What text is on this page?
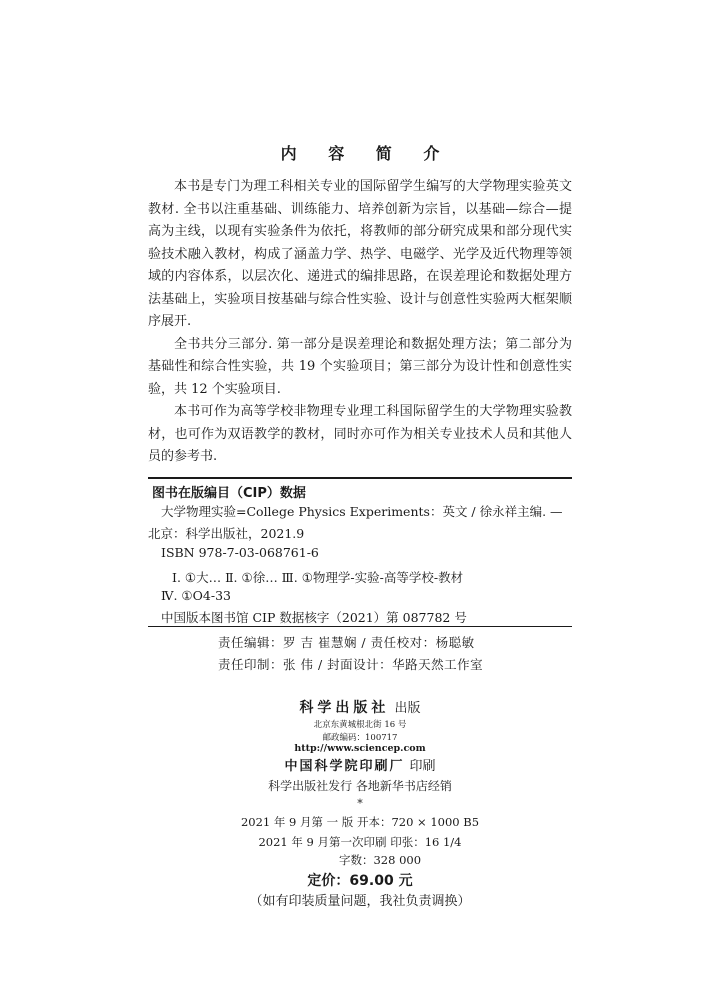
内 容 简 介

本书是专门为理工科相关专业的国际留学生编写的大学物理实验英文教材. 全书以注重基础、训练能力、培养创新为宗旨，以基础—综合—提高为主线，以现有实验条件为依托，将教师的部分研究成果和部分现代实验技术融入教材，构成了涵盖力学、热学、电磁学、光学及近代物理等领域的内容体系，以层次化、递进式的编排思路，在误差理论和数据处理方法基础上，实验项目按基础与综合性实验、设计与创意性实验两大框架顺序展开.

全书共分三部分. 第一部分是误差理论和数据处理方法；第二部分为基础性和综合性实验，共 19 个实验项目；第三部分为设计性和创意性实验，共 12 个实验项目.

本书可作为高等学校非物理专业理工科国际留学生的大学物理实验教材，也可作为双语教学的教材，同时亦可作为相关专业技术人员和其他人员的参考书.

图书在版编目（CIP）数据
大学物理实验=College Physics Experiments：英文 / 徐永祥主编. —北京：科学出版社，2021.9
ISBN 978-7-03-068761-6
Ⅰ. ①大… Ⅱ. ①徐… Ⅲ. ①物理学-实验-高等学校-教材
Ⅳ. ①O4-33
中国版本图书馆 CIP 数据核字（2021）第 087782 号
责任编辑：罗 吉 崔慧娴 / 责任校对：杨聪敏
责任印制：张 伟 / 封面设计：华路天然工作室
科学出版社 出版
北京东黄城根北街 16 号
邮政编码：100717
http://www.sciencep.com
中国科学院印刷厂 印刷
科学出版社发行 各地新华书店经销
*
2021 年 9 月第 一 版 开本：720 × 1000 B5
2021 年 9 月第一次印刷 印张：16 1/4
字数：328 000
定价：69.00 元
（如有印装质量问题，我社负责调换）
